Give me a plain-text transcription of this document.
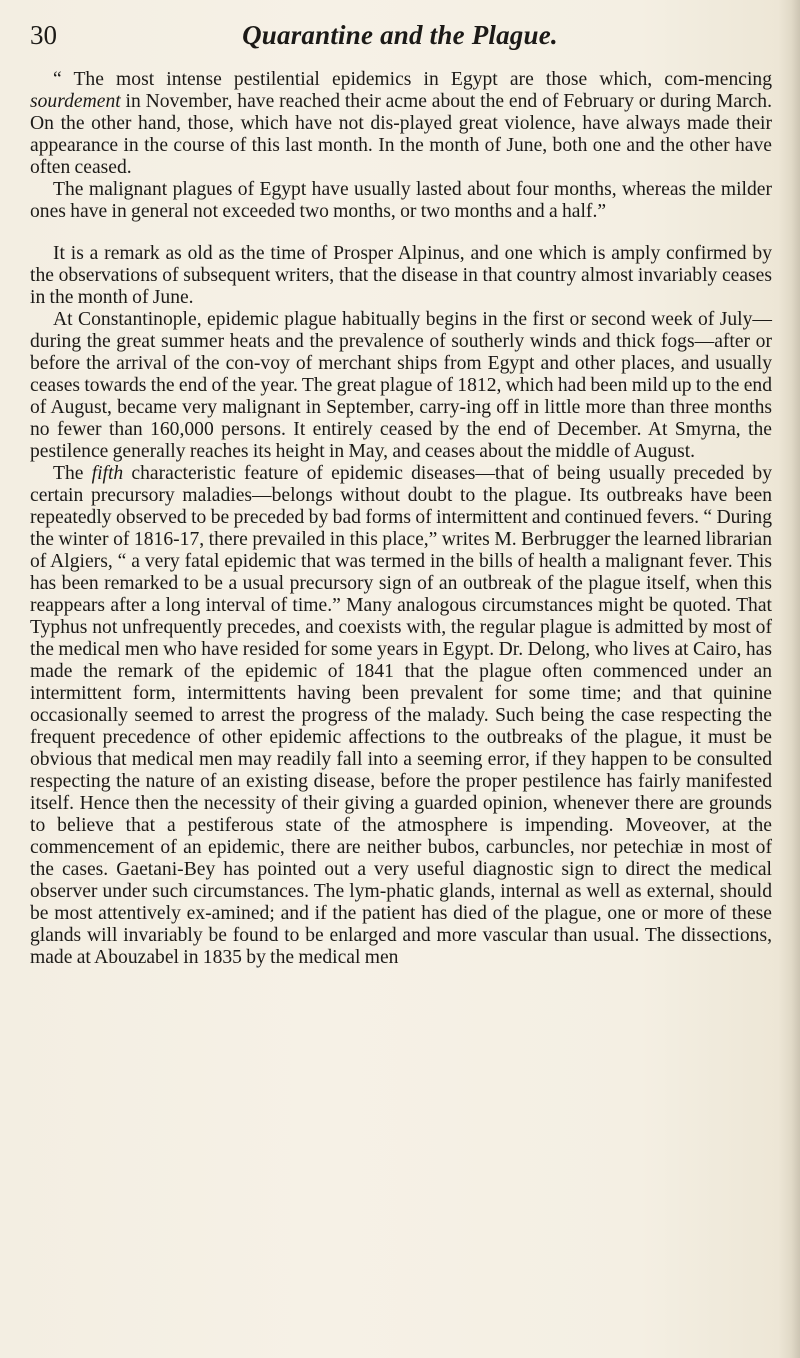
30	Quarantine and the Plague.

“ The most intense pestilential epidemics in Egypt are those which, com-mencing sourdement in November, have reached their acme about the end of February or during March. On the other hand, those, which have not dis-played great violence, have always made their appearance in the course of this last month. In the month of June, both one and the other have often ceased.

The malignant plagues of Egypt have usually lasted about four months, whereas the milder ones have in general not exceeded two months, or two months and a half.”

It is a remark as old as the time of Prosper Alpinus, and one which is amply confirmed by the observations of subsequent writers, that the disease in that country almost invariably ceases in the month of June.

At Constantinople, epidemic plague habitually begins in the first or second week of July—during the great summer heats and the prevalence of southerly winds and thick fogs—after or before the arrival of the con-voy of merchant ships from Egypt and other places, and usually ceases towards the end of the year. The great plague of 1812, which had been mild up to the end of August, became very malignant in September, carry-ing off in little more than three months no fewer than 160,000 persons. It entirely ceased by the end of December. At Smyrna, the pestilence generally reaches its height in May, and ceases about the middle of August.

The fifth characteristic feature of epidemic diseases—that of being usually preceded by certain precursory maladies—belongs without doubt to the plague. Its outbreaks have been repeatedly observed to be preceded by bad forms of intermittent and continued fevers. “ During the winter of 1816-17, there prevailed in this place,” writes M. Berbrugger the learned librarian of Algiers, “ a very fatal epidemic that was termed in the bills of health a malignant fever. This has been remarked to be a usual precursory sign of an outbreak of the plague itself, when this reappears after a long interval of time.” Many analogous circumstances might be quoted. That Typhus not unfrequently precedes, and coexists with, the regular plague is admitted by most of the medical men who have resided for some years in Egypt. Dr. Delong, who lives at Cairo, has made the remark of the epidemic of 1841 that the plague often commenced under an intermittent form, intermittents having been prevalent for some time; and that quinine occasionally seemed to arrest the progress of the malady. Such being the case respecting the frequent precedence of other epidemic affections to the outbreaks of the plague, it must be obvious that medical men may readily fall into a seeming error, if they happen to be consulted respecting the nature of an existing disease, before the proper pestilence has fairly manifested itself. Hence then the necessity of their giving a guarded opinion, whenever there are grounds to believe that a pestiferous state of the atmosphere is impending. Moveover, at the commencement of an epidemic, there are neither bubos, carbuncles, nor petechiæ in most of the cases. Gaetani-Bey has pointed out a very useful diagnostic sign to direct the medical observer under such circumstances. The lym-phatic glands, internal as well as external, should be most attentively ex-amined; and if the patient has died of the plague, one or more of these glands will invariably be found to be enlarged and more vascular than usual. The dissections, made at Abouzabel in 1835 by the medical men
